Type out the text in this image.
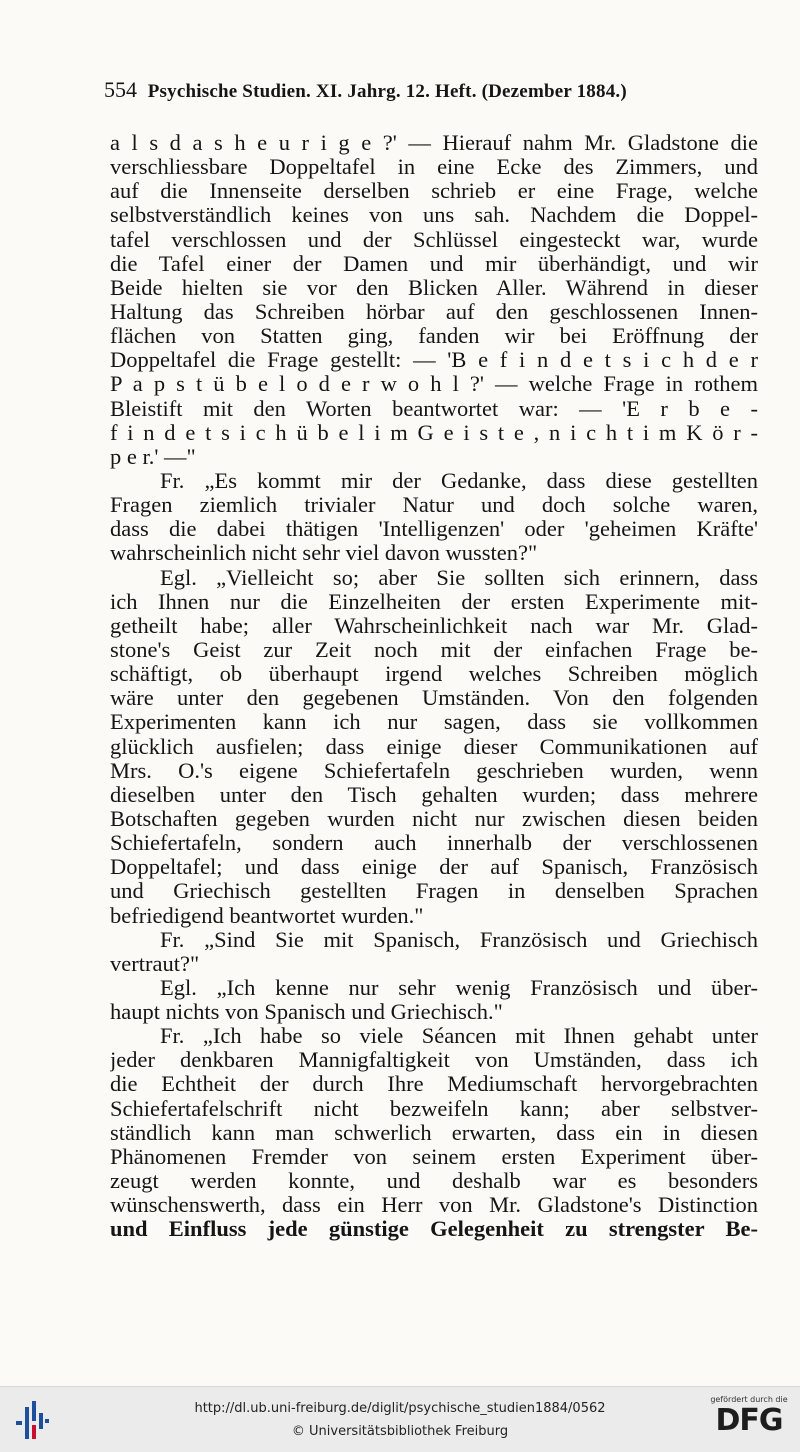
554 Psychische Studien. XI. Jahrg. 12. Heft. (Dezember 1884.)
a l s d a s h e u r i g e ?' — Hierauf nahm Mr. Gladstone die
verschliessbare Doppeltafel in eine Ecke des Zimmers, und
auf die Innenseite derselben schrieb er eine Frage, welche
selbstverständlich keines von uns sah. Nachdem die Doppel-
tafel verschlossen und der Schlüssel eingesteckt war, wurde
die Tafel einer der Damen und mir überhändigt, und wir
Beide hielten sie vor den Blicken Aller. Während in dieser
Haltung das Schreiben hörbar auf den geschlossenen Innen-
flächen von Statten ging, fanden wir bei Eröffnung der
Doppeltafel die Frage gestellt: — 'B e f i n d e t s i c h d e r
P a p s t ü b e l o d e r w o h l ?' — welche Frage in rothem
Bleistift mit den Worten beantwortet war: — 'E r b e -
f i n d e t s i c h ü b e l i m G e i s t e , n i c h t i m K ö r -
p e r.' —"
Fr. „Es kommt mir der Gedanke, dass diese gestellten
Fragen ziemlich trivialer Natur und doch solche waren,
dass die dabei thätigen 'Intelligenzen' oder 'geheimen Kräfte'
wahrscheinlich nicht sehr viel davon wussten?"
Egl. „Vielleicht so; aber Sie sollten sich erinnern, dass
ich Ihnen nur die Einzelheiten der ersten Experimente mit-
getheilt habe; aller Wahrscheinlichkeit nach war Mr. Glad-
stone's Geist zur Zeit noch mit der einfachen Frage be-
schäftigt, ob überhaupt irgend welches Schreiben möglich
wäre unter den gegebenen Umständen. Von den folgenden
Experimenten kann ich nur sagen, dass sie vollkommen
glücklich ausfielen; dass einige dieser Communikationen auf
Mrs. O.'s eigene Schiefertafeln geschrieben wurden, wenn
dieselben unter den Tisch gehalten wurden; dass mehrere
Botschaften gegeben wurden nicht nur zwischen diesen beiden
Schiefertafeln, sondern auch innerhalb der verschlossenen
Doppeltafel; und dass einige der auf Spanisch, Französisch
und Griechisch gestellten Fragen in denselben Sprachen
befriedigend beantwortet wurden."
Fr. „Sind Sie mit Spanisch, Französisch und Griechisch
vertraut?"
Egl. „Ich kenne nur sehr wenig Französisch und über-
haupt nichts von Spanisch und Griechisch."
Fr. „Ich habe so viele Séancen mit Ihnen gehabt unter
jeder denkbaren Mannigfaltigkeit von Umständen, dass ich
die Echtheit der durch Ihre Mediumschaft hervorgebrachten
Schiefertafelschrift nicht bezweifeln kann; aber selbstver-
ständlich kann man schwerlich erwarten, dass ein in diesen
Phänomenen Fremder von seinem ersten Experiment über-
zeugt werden konnte, und deshalb war es besonders
wünschenswerth, dass ein Herr von Mr. Gladstone's Distinction
und Einfluss jede günstige Gelegenheit zu strengster Be-
http://dl.ub.uni-freiburg.de/diglit/psychische_studien1884/0562
© Universitätsbibliothek Freiburg
gefördert durch die
DFG
